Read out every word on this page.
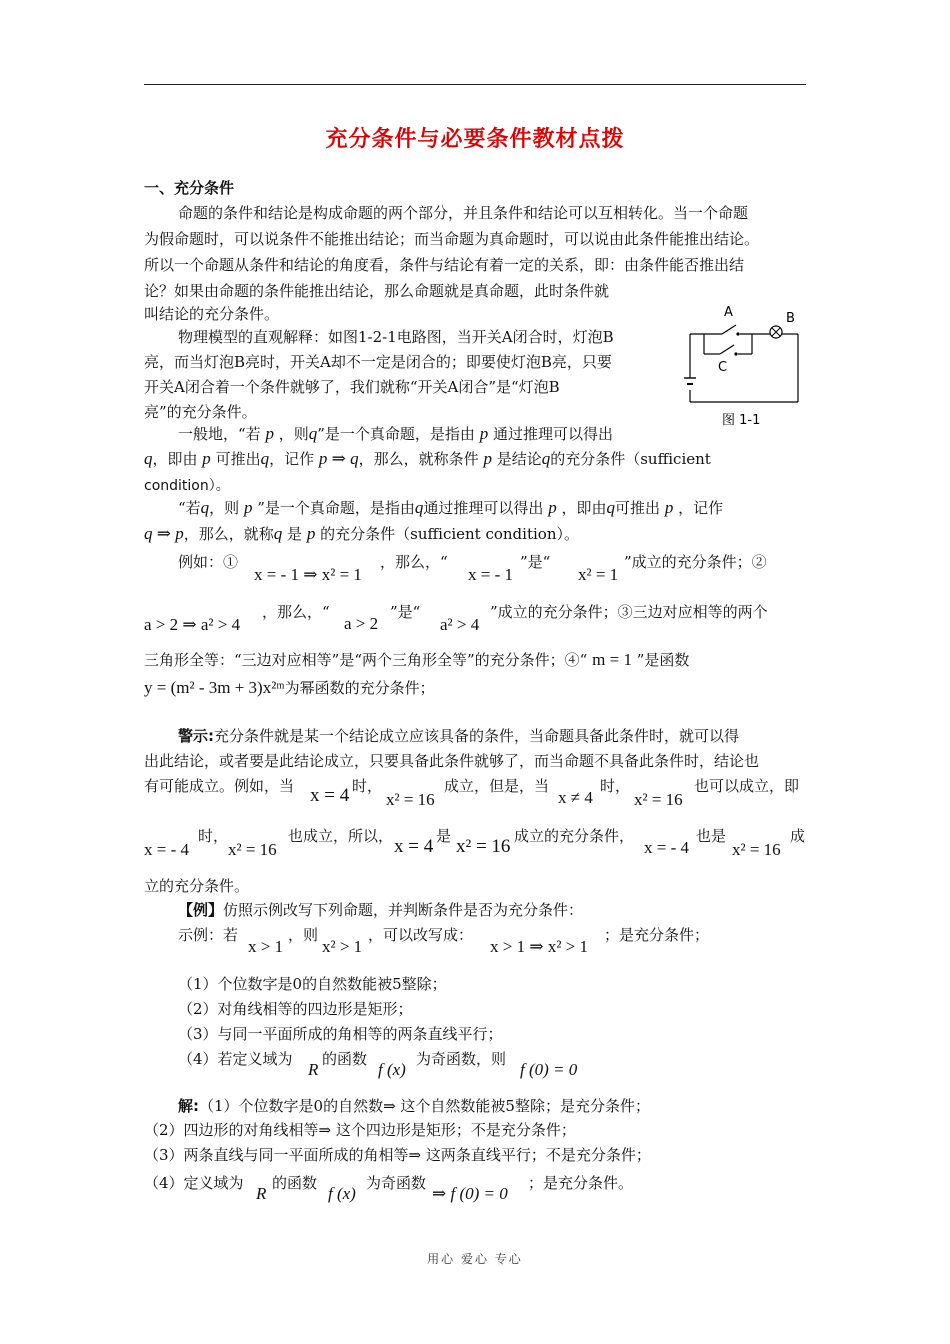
充分条件与必要条件教材点拨
一、充分条件
命题的条件和结论是构成命题的两个部分，并且条件和结论可以互相转化。当一个命题
为假命题时，可以说条件不能推出结论；而当命题为真命题时，可以说由此条件能推出结论。
所以一个命题从条件和结论的角度看，条件与结论有着一定的关系，即：由条件能否推出结
论？如果由命题的条件能推出结论，那么命题就是真命题，此时条件就
叫结论的充分条件。
物理模型的直观解释：如图1-2-1电路图，当开关A闭合时，灯泡B
亮，而当灯泡B亮时，开关A却不一定是闭合的；即要使灯泡B亮，只要
开关A闭合着一个条件就够了，我们就称“开关A闭合”是“灯泡B
亮”的充分条件。
A	B
C
图 1-1
一般地，“若 p ，则q”是一个真命题，是指由 p 通过推理可以得出
q，即由 p 可推出q，记作 p ⇒ q，那么，就称条件 p 是结论q的充分条件（sufficient
condition）。
“若q，则 p ”是一个真命题，是指由q通过推理可以得出 p ，即由q可推出 p ，记作
q ⇒ p，那么，就称q 是 p 的充分条件（sufficient condition）。
例如：①
x = - 1 ⇒ x² = 1
，那么，“
x = - 1
”是“
x² = 1
”成立的充分条件；②
a > 2 ⇒ a² > 4
，那么，“
a > 2
”是“
a² > 4
”成立的充分条件；③三边对应相等的两个
三角形全等：“三边对应相等”是“两个三角形全等”的充分条件；④“ m = 1 ”是函数
y = (m² - 3m + 3)x²ᵐ为幂函数的充分条件；
警示:充分条件就是某一个结论成立应该具备的条件，当命题具备此条件时，就可以得
出此结论，或者要是此结论成立，只要具备此条件就够了，而当命题不具备此条件时，结论也
有可能成立。例如，当 x = 4 时，
x² = 16
成立，但是，当
x ≠ 4
时，
x² = 16
也可以成立，即
x = - 4
时，
x² = 16
也成立，所以， x = 4 是 x² = 16 成立的充分条件，
x = - 4
也是
x² = 16
成
立的充分条件。
【例】仿照示例改写下列命题，并判断条件是否为充分条件：
示例：若
x > 1
，则
x² > 1
，可以改写成：
x > 1 ⇒ x² > 1
；是充分条件；
（1）个位数字是0的自然数能被5整除；
（2）对角线相等的四边形是矩形；
（3）与同一平面所成的角相等的两条直线平行；
（4）若定义域为
R
的函数
f (x)
为奇函数，则
f (0) = 0
解:（1）个位数字是0的自然数⇒ 这个自然数能被5整除；是充分条件；
（2）四边形的对角线相等⇒ 这个四边形是矩形；不是充分条件；
（3）两条直线与同一平面所成的角相等⇒ 这两条直线平行；不是充分条件；
（4）定义域为
R
的函数
f (x)
为奇函数
⇒ f (0) = 0
；是充分条件。
用心 爱心 专心
